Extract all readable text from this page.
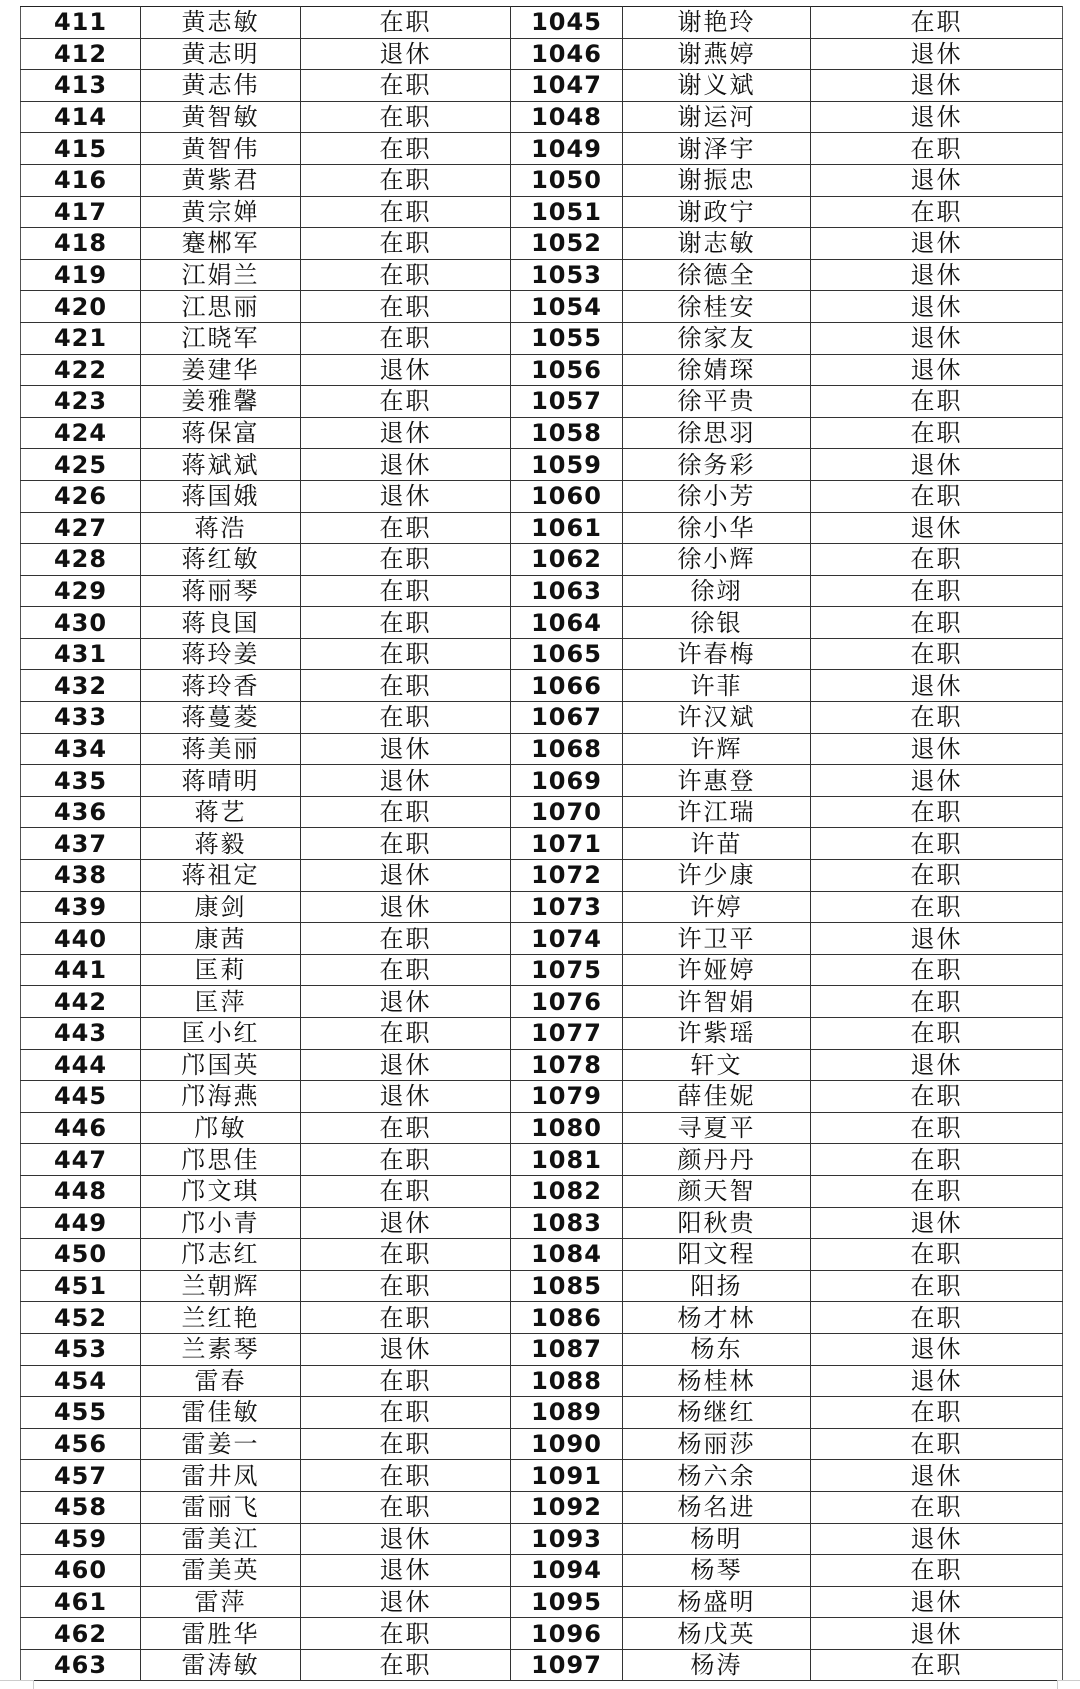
411	黄志敏	在职	1045	谢艳玲	在职
412	黄志明	退休	1046	谢燕婷	退休
413	黄志伟	在职	1047	谢义斌	退休
414	黄智敏	在职	1048	谢运河	退休
415	黄智伟	在职	1049	谢泽宇	在职
416	黄紫君	在职	1050	谢振忠	退休
417	黄宗婵	在职	1051	谢政宁	在职
418	蹇郴军	在职	1052	谢志敏	退休
419	江娟兰	在职	1053	徐德全	退休
420	江思丽	在职	1054	徐桂安	退休
421	江晓军	在职	1055	徐家友	退休
422	姜建华	退休	1056	徐婧琛	退休
423	姜雅馨	在职	1057	徐平贵	在职
424	蒋保富	退休	1058	徐思羽	在职
425	蒋斌斌	退休	1059	徐务彩	退休
426	蒋国娥	退休	1060	徐小芳	在职
427	蒋浩	在职	1061	徐小华	退休
428	蒋红敏	在职	1062	徐小辉	在职
429	蒋丽琴	在职	1063	徐翊	在职
430	蒋良国	在职	1064	徐银	在职
431	蒋玲姜	在职	1065	许春梅	在职
432	蒋玲香	在职	1066	许菲	退休
433	蒋蔓菱	在职	1067	许汉斌	在职
434	蒋美丽	退休	1068	许辉	退休
435	蒋晴明	退休	1069	许惠登	退休
436	蒋艺	在职	1070	许江瑞	在职
437	蒋毅	在职	1071	许苗	在职
438	蒋祖定	退休	1072	许少康	在职
439	康剑	退休	1073	许婷	在职
440	康茜	在职	1074	许卫平	退休
441	匡莉	在职	1075	许娅婷	在职
442	匡萍	退休	1076	许智娟	在职
443	匡小红	在职	1077	许紫瑶	在职
444	邝国英	退休	1078	轩文	退休
445	邝海燕	退休	1079	薛佳妮	在职
446	邝敏	在职	1080	寻夏平	在职
447	邝思佳	在职	1081	颜丹丹	在职
448	邝文琪	在职	1082	颜天智	在职
449	邝小青	退休	1083	阳秋贵	退休
450	邝志红	在职	1084	阳文程	在职
451	兰朝辉	在职	1085	阳扬	在职
452	兰红艳	在职	1086	杨才林	在职
453	兰素琴	退休	1087	杨东	退休
454	雷春	在职	1088	杨桂林	退休
455	雷佳敏	在职	1089	杨继红	在职
456	雷姜一	在职	1090	杨丽莎	在职
457	雷井凤	在职	1091	杨六余	退休
458	雷丽飞	在职	1092	杨名进	在职
459	雷美江	退休	1093	杨明	退休
460	雷美英	退休	1094	杨琴	在职
461	雷萍	退休	1095	杨盛明	退休
462	雷胜华	在职	1096	杨戊英	退休
463	雷涛敏	在职	1097	杨涛	在职
